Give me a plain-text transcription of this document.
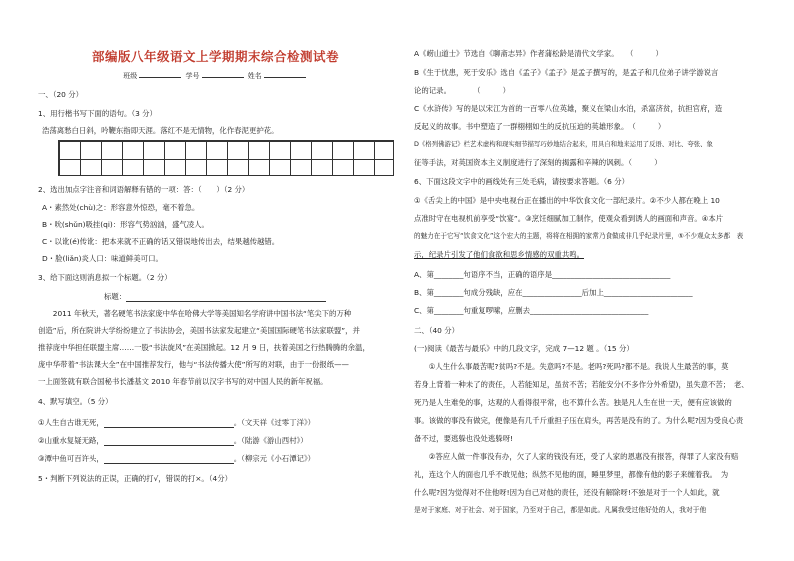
部编版八年级语文上学期期末综合检测试卷
班级	学号	姓名
一、（20 分）
1、用行楷书写下面的语句。（3 分）
浩荡离愁白日斜，吟鞭东指即天涯。落红不是无情物，化作春泥更护花。
2、选出加点字注音和词语解释有错的一项：答：（　　）（2 分）
A・素然处(chù)之：形容意外惊恐，毫不着急。
B・吮(shǔn)吸挂(qi)：形容气势汹汹，盛气凌人。
C・以讹(é)传讹：把本来就不正确的话又错误地传出去，结果越传越错。
D・脸(liǎn)炎人口：味道鲜美可口。
3、给下面这则消息拟一个标题。（2 分）
标题：
　　2011 年秋天，著名硬笔书法家庞中华在哈佛大学等美国知名学府讲中国书法“笔尖下的万种
创造”后，所在院讲大学纷纷建立了书法协会，美国书法家发起建立“美国国际硬笔书法家联盟”，并
推荐庞中华担任联盟主席……一股“书法旋风”在美国掀起。12 月 9 日，扶着美国之行热腾腾的余温，
庞中华带着“书法课大全”在中国推荐发行，他与“书法传播大使”所写的对联，由于一份报纸——
一上面签就有联合国秘书长潘基文 2010 年春节前以汉字书写的对中国人民的新年祝福。
4、默写填空。（5 分）
①人生自古谁无死，	。（文天祥《过零丁洋》）
②山重水复疑无路，	。（陆游《游山西村》）
③潭中鱼可百许头，	。（柳宗元《小石潭记》）
5・判断下列说法的正误，正确的打√，错误的打×。（4分）
A《崂山道士》节选自《聊斋志异》作者蒲松龄是清代文学家。　　（　　　）
B《生于忧患，死于安乐》选自《孟子》《孟子》是孟子撰写的，是孟子和几位弟子讲学游说言
论的记录。　　　　（　　　）
C《水浒传》写的是以宋江为首的一百零八位英雄，聚义在梁山水泊，杀富济贫，抗担官府，造
反起义的故事。书中塑造了一群栩栩如生的反抗压迫的英雄形象。　（　　　）
D《格列佛游记》栏艺术虚构和现实细节描写巧妙地结合起来，用具自和地来运用了反语、对比、夸张、象
征等手法，对英国资本主义制度进行了深刻的揭露和辛辣的讽刺。（　　　）
6、下面这段文字中的画线处有三处毛病，请按要求答题。（6 分）
①《舌尖上的中国》是中央电视台正在播出的中华饮食文化一部纪录片。②不少人都在晚上 10
点准时守在电视机前享受“饮宴”。③烹饪细腻加工制作，使观众看到诱人的画面和声音。④本片
的魅力在于它写“饮食文化”这个宏大的主题，将将在相拥的家常乃食做成非几乎纪录片里，⑤不少观众太多都　表
示，纪录片引发了他们食欲和思乡情感的双重共鸣。
A、第________句语序不当，正确的语序是________________________________
B、第________句成分残缺，应在________________后加上________________________
C、第________句重复啰嗦，应删去________________________________
二、（40 分）
(一)阅读《最苦与最乐》中的几段文字，完成 7—12 题 。（15 分）
　　①人生什么事最苦呢?贫吗?不是。失意吗?不是。老吗?死吗?都不是。我说人生最苦的事，莫
若身上背着一种未了的责任，人若能知足，虽贫不苦；若能安分(不多作分外希望)，虽失意不苦；　老、
死乃是人生难免的事，达观的人看得很平常，也不算什么苦。独是凡人生在世一天，便有应该做的
事。该做的事没有做完，便像是有几千斤重担子压在肩头，再苦是没有的了。为什么呢?因为受良心责
备不过，要逃躲也没处逃躲呀!
　　②答应人做一件事没有办，欠了人家的钱没有还，受了人家的恩惠没有报答，得罪了人家没有赔
礼，连这个人的面也几乎不敢见他；纵然不见他的面，睡里梦里，都像有他的影子来缠着我。　为
什么呢?因为觉得对不住他呀!因为自己对他的责任，还没有解除呀!不独是对于一个人如此，就
是对于家庭、对于社会、对于国家，乃至对于自己，都是如此。凡属我受过他好处的人，我对于他
